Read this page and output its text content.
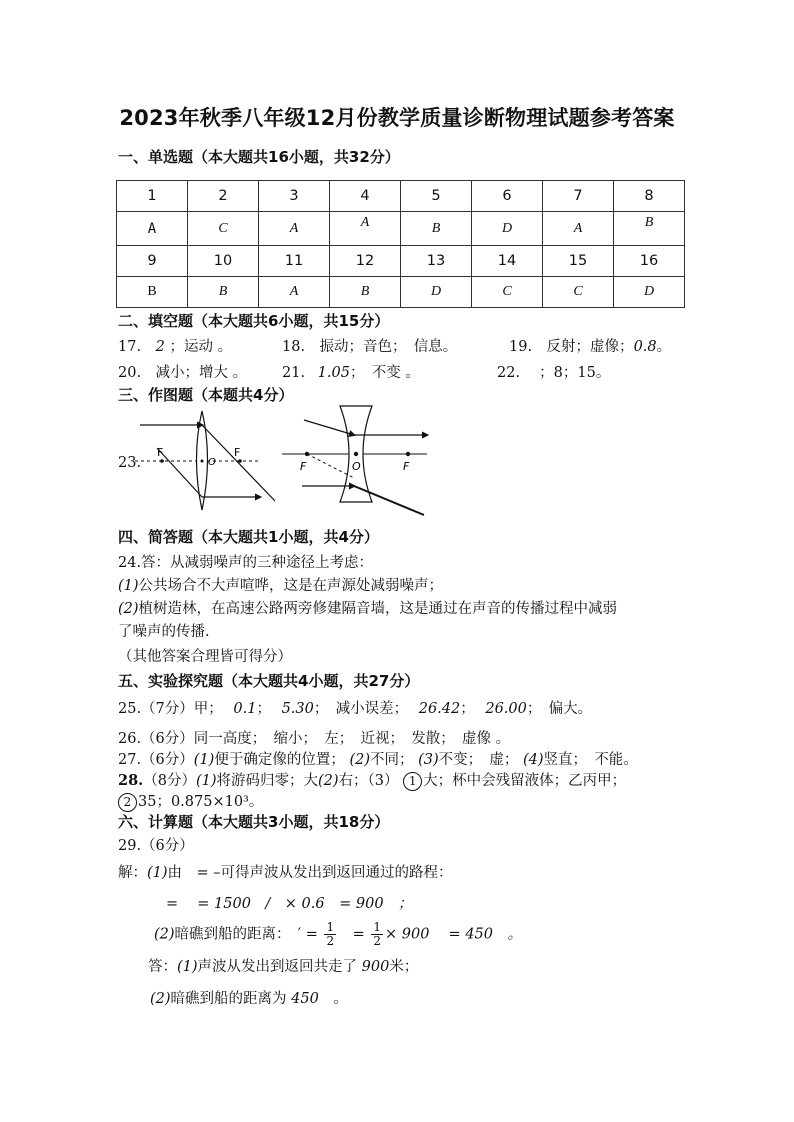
2023年秋季八年级12月份教学质量诊断物理试题参考答案
一、单选题（本大题共16小题，共32分）
1	2	3	4	5	6	7	8
A	C	A	A	B	D	A	B
9	10	11	12	13	14	15	16
B	B	A	B	D	C	C	D
二、填空题（本大题共6小题，共15分）
17. 2 ；运动 。	18.　振动；音色；　信息。	19.　反射；虚像；0.8。
20.　减小；增大 。 21. 1.05；　不变 。	22.　 ；8；15。
三、作图题（本题共4分）
23.
F
O
F
F	O	F
四、简答题（本大题共1小题，共4分）
24.答：从减弱噪声的三种途径上考虑：
(1)公共场合不大声喧哗，这是在声源处减弱噪声；
(2)植树造林，在高速公路两旁修建隔音墙，这是通过在声音的传播过程中减弱
了噪声的传播.
（其他答案合理皆可得分）
五、实验探究题（本大题共4小题，共27分）
25.（7分）甲； 0.1； 5.30；　减小误差； 26.42； 26.00；　偏大。
26.（6分）同一高度；　缩小；　左；　近视；　发散；　虚像 。
27.（6分）(1)便于确定像的位置； (2)不同； (3)不变；　虚； (4)竖直；　不能。
28.（8分）(1)将游码归零；大(2)右；（3） 1 大；杯中会残留液体；乙丙甲；
2 35；0.875×10³。
六、计算题（本大题共3小题，共18分）
29.（6分）
解：(1)由　= –可得声波从发出到返回通过的路程：
=　 = 1500　/　× 0.6　= 900　；
(2)暗礁到船的距离：　′ = $\frac{1}{2}$ 　= $\frac{1}{2} \times 900$　 = 450　。
答：(1)声波从发出到返回共走了 900米；
(2)暗礁到船的距离为 450　。
